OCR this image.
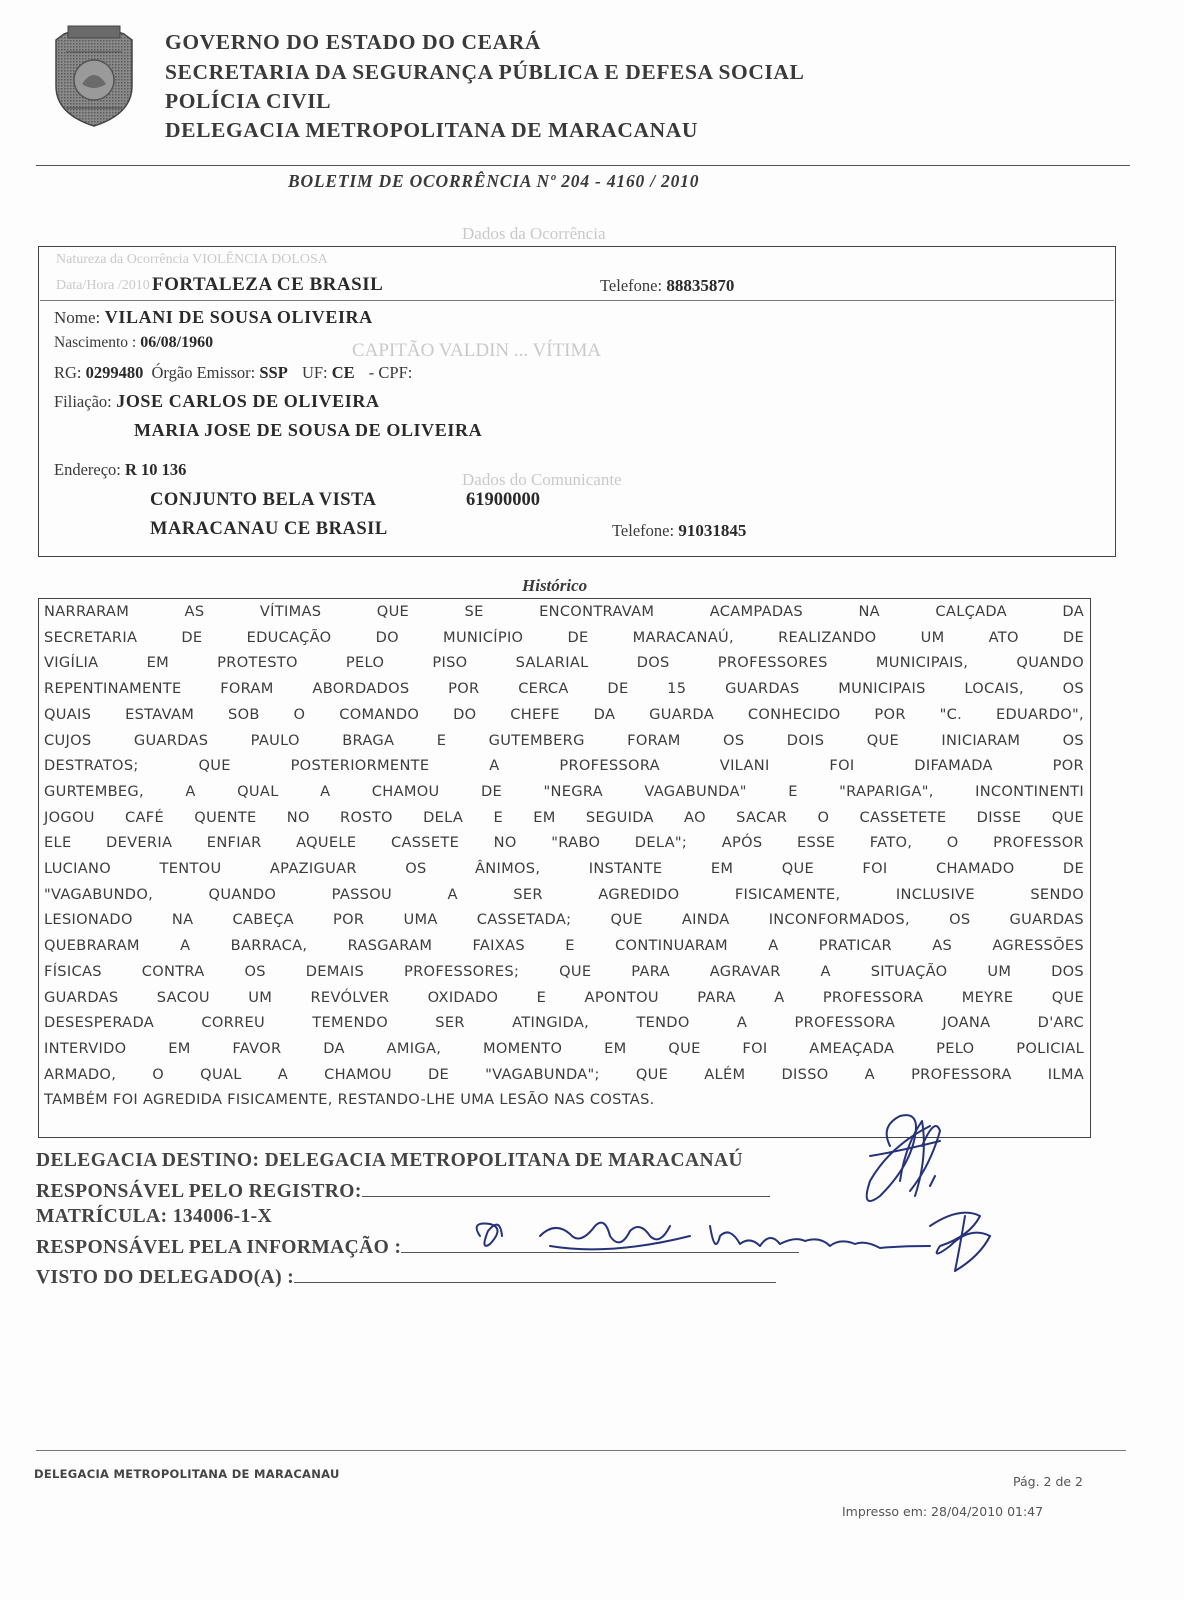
GOVERNO DO ESTADO DO CEARÁ
SECRETARIA DA SEGURANÇA PÚBLICA E DEFESA SOCIAL
POLÍCIA CIVIL
DELEGACIA METROPOLITANA DE MARACANAU
BOLETIM DE OCORRÊNCIA Nº 204 - 4160 / 2010
Dados da Ocorrência
Natureza da Ocorrência VIOLÊNCIA DOLOSA
Data/Hora /2010
CAPITÃO VALDIN ... VÍTIMA
Dados do Comunicante
FORTALEZA CE BRASIL	Telefone: 88835870
Nome: VILANI DE SOUSA OLIVEIRA
Nascimento : 06/08/1960
RG: 0299480 Órgão Emissor: SSP UF: CE - CPF:
Filiação: JOSE CARLOS DE OLIVEIRA
MARIA JOSE DE SOUSA DE OLIVEIRA
Endereço: R 10 136
CONJUNTO BELA VISTA	61900000
MARACANAU CE BRASIL	Telefone: 91031845
Histórico
NARRARAM AS VÍTIMAS QUE SE ENCONTRAVAM ACAMPADAS NA CALÇADA DA
SECRETARIA DE EDUCAÇÃO DO MUNICÍPIO DE MARACANAÚ, REALIZANDO UM ATO DE
VIGÍLIA EM PROTESTO PELO PISO SALARIAL DOS PROFESSORES MUNICIPAIS, QUANDO
REPENTINAMENTE FORAM ABORDADOS POR CERCA DE 15 GUARDAS MUNICIPAIS LOCAIS, OS
QUAIS ESTAVAM SOB O COMANDO DO CHEFE DA GUARDA CONHECIDO POR "C. EDUARDO",
CUJOS GUARDAS PAULO BRAGA E GUTEMBERG FORAM OS DOIS QUE INICIARAM OS
DESTRATOS; QUE POSTERIORMENTE A PROFESSORA VILANI FOI DIFAMADA POR
GURTEMBEG, A QUAL A CHAMOU DE "NEGRA VAGABUNDA" E "RAPARIGA", INCONTINENTI
JOGOU CAFÉ QUENTE NO ROSTO DELA E EM SEGUIDA AO SACAR O CASSETETE DISSE QUE
ELE DEVERIA ENFIAR AQUELE CASSETE NO "RABO DELA"; APÓS ESSE FATO, O PROFESSOR
LUCIANO TENTOU APAZIGUAR OS ÂNIMOS, INSTANTE EM QUE FOI CHAMADO DE
"VAGABUNDO, QUANDO PASSOU A SER AGREDIDO FISICAMENTE, INCLUSIVE SENDO
LESIONADO NA CABEÇA POR UMA CASSETADA; QUE AINDA INCONFORMADOS, OS GUARDAS
QUEBRARAM A BARRACA, RASGARAM FAIXAS E CONTINUARAM A PRATICAR AS AGRESSÕES
FÍSICAS CONTRA OS DEMAIS PROFESSORES; QUE PARA AGRAVAR A SITUAÇÃO UM DOS
GUARDAS SACOU UM REVÓLVER OXIDADO E APONTOU PARA A PROFESSORA MEYRE QUE
DESESPERADA CORREU TEMENDO SER ATINGIDA, TENDO A PROFESSORA JOANA D'ARC
INTERVIDO EM FAVOR DA AMIGA, MOMENTO EM QUE FOI AMEAÇADA PELO POLICIAL
ARMADO, O QUAL A CHAMOU DE "VAGABUNDA"; QUE ALÉM DISSO A PROFESSORA ILMA
TAMBÉM FOI AGREDIDA FISICAMENTE, RESTANDO-LHE UMA LESÃO NAS COSTAS.
DELEGACIA DESTINO: DELEGACIA METROPOLITANA DE MARACANAÚ
RESPONSÁVEL PELO REGISTRO:
MATRÍCULA: 134006-1-X
RESPONSÁVEL PELA INFORMAÇÃO :
VISTO DO DELEGADO(A) :
DELEGACIA METROPOLITANA DE MARACANAU	Pág. 2 de 2
Impresso em: 28/04/2010 01:47
